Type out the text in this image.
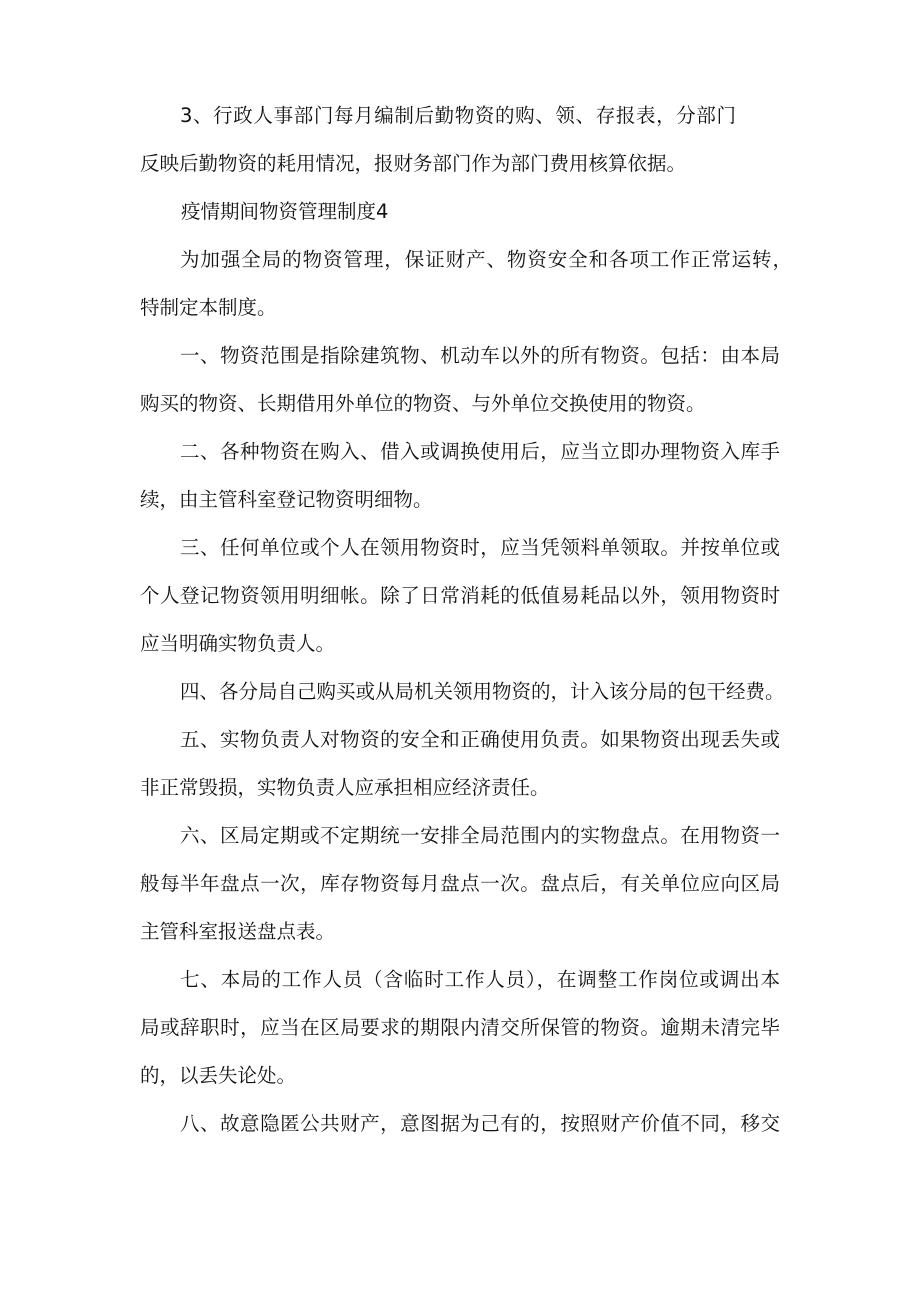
3、行政人事部门每月编制后勤物资的购、领、存报表，分部门
反映后勤物资的耗用情况，报财务部门作为部门费用核算依据。
疫情期间物资管理制度4
为加强全局的物资管理，保证财产、物资安全和各项工作正常运转，
特制定本制度。
一、物资范围是指除建筑物、机动车以外的所有物资。包括：由本局
购买的物资、长期借用外单位的物资、与外单位交换使用的物资。
二、各种物资在购入、借入或调换使用后，应当立即办理物资入库手
续，由主管科室登记物资明细物。
三、任何单位或个人在领用物资时，应当凭领料单领取。并按单位或
个人登记物资领用明细帐。除了日常消耗的低值易耗品以外，领用物资时
应当明确实物负责人。
四、各分局自己购买或从局机关领用物资的，计入该分局的包干经费。
五、实物负责人对物资的安全和正确使用负责。如果物资出现丢失或
非正常毁损，实物负责人应承担相应经济责任。
六、区局定期或不定期统一安排全局范围内的实物盘点。在用物资一
般每半年盘点一次，库存物资每月盘点一次。盘点后，有关单位应向区局
主管科室报送盘点表。
七、本局的工作人员（含临时工作人员），在调整工作岗位或调出本
局或辞职时，应当在区局要求的期限内清交所保管的物资。逾期未清完毕
的，以丢失论处。
八、故意隐匿公共财产，意图据为己有的，按照财产价值不同，移交
